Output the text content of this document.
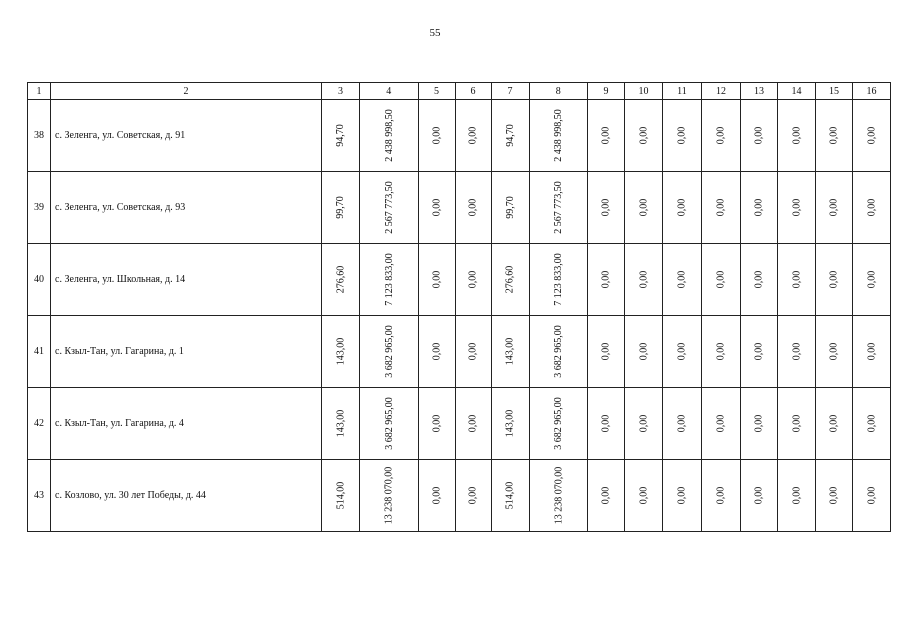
55
1	2	3	4	5	6	7	8	9	10	11	12	13	14	15	16
38	с. Зеленга, ул. Советская, д. 91	94,70	2 438 998,50	0,00	0,00	94,70	2 438 998,50	0,00	0,00	0,00	0,00	0,00	0,00	0,00	0,00
39	с. Зеленга, ул. Советская, д. 93	99,70	2 567 773,50	0,00	0,00	99,70	2 567 773,50	0,00	0,00	0,00	0,00	0,00	0,00	0,00	0,00
40	с. Зеленга, ул. Школьная, д. 14	276,60	7 123 833,00	0,00	0,00	276,60	7 123 833,00	0,00	0,00	0,00	0,00	0,00	0,00	0,00	0,00
41	с. Кзыл-Тан, ул. Гагарина, д. 1	143,00	3 682 965,00	0,00	0,00	143,00	3 682 965,00	0,00	0,00	0,00	0,00	0,00	0,00	0,00	0,00
42	с. Кзыл-Тан, ул. Гагарина, д. 4	143,00	3 682 965,00	0,00	0,00	143,00	3 682 965,00	0,00	0,00	0,00	0,00	0,00	0,00	0,00	0,00
43	с. Козлово, ул. 30 лет Победы, д. 44	514,00	13 238 070,00	0,00	0,00	514,00	13 238 070,00	0,00	0,00	0,00	0,00	0,00	0,00	0,00	0,00
